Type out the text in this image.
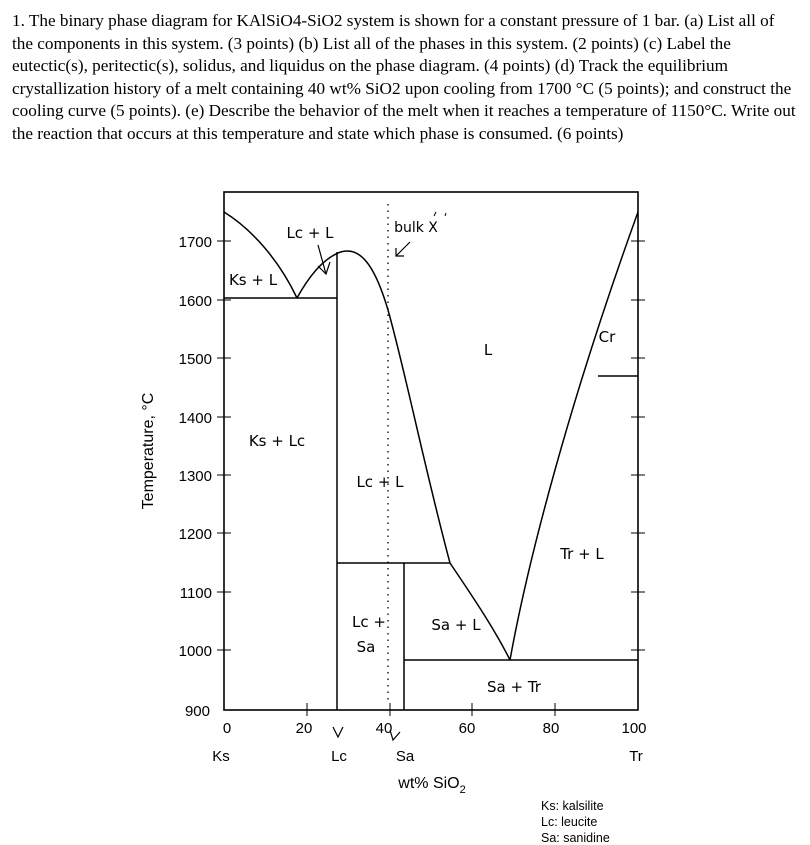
1. The binary phase diagram for KAlSiO4-SiO2 system is shown for a constant pressure of 1 bar. (a) List all of the components in this system. (3 points) (b) List all of the phases in this system. (2 points) (c) Label the eutectic(s), peritectic(s), solidus, and liquidus on the phase diagram. (4 points) (d) Track the equilibrium crystallization history of a melt containing 40 wt% SiO2 upon cooling from 1700 °C (5 points); and construct the cooling curve (5 points). (e) Describe the behavior of the melt when it reaches a temperature of 1150°C. Write out the reaction that occurs at this temperature and state which phase is consumed. (6 points)
1700
1600
1500
1400
1300
1200
1100
1000
900
Temperature, °C
0	20	40	60	80	100
Ks	Lc	Sa	Tr
wt% SiO$_2$
Lc + L
Ks + L
bulk X
L
Cr
Ks + Lc
Lc + L
Tr + L
Lc +
Sa
Sa + L
Sa + Tr
Ks: kalsilite
Lc: leucite
Sa: sanidine
